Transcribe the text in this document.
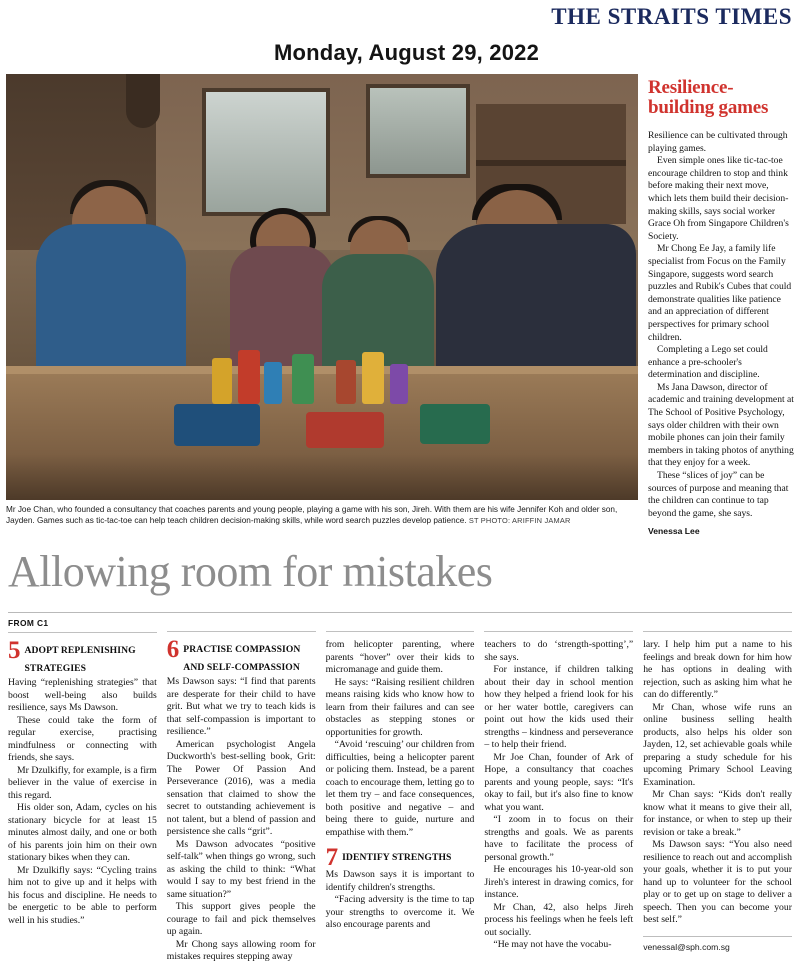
THE STRAITS TIMES
Monday, August 29, 2022
Mr Joe Chan, who founded a consultancy that coaches parents and young people, playing a game with his son, Jireh. With them are his wife Jennifer Koh and older son, Jayden. Games such as tic-tac-toe can help teach children decision-making skills, while word search puzzles develop patience. ST PHOTO: ARIFFIN JAMAR
Resilience-building games

Resilience can be cultivated through playing games.

Even simple ones like tic-tac-toe encourage children to stop and think before making their next move, which lets them build their decision-making skills, says social worker Grace Oh from Singapore Children's Society.

Mr Chong Ee Jay, a family life specialist from Focus on the Family Singapore, suggests word search puzzles and Rubik's Cubes that could demonstrate qualities like patience and an appreciation of different perspectives for primary school children.

Completing a Lego set could enhance a pre-schooler's determination and discipline.

Ms Jana Dawson, director of academic and training development at The School of Positive Psychology, says older children with their own mobile phones can join their family members in taking photos of anything that they enjoy for a week.

These “slices of joy” can be sources of purpose and meaning that the children can continue to tap beyond the game, she says.

Venessa Lee
Allowing room for mistakes
FROM C1
5 ADOPT REPLENISHING STRATEGIES

Having “replenishing strategies” that boost well-being also builds resilience, says Ms Dawson.

These could take the form of regular exercise, practising mindfulness or connecting with friends, she says.

Mr Dzulkifly, for example, is a firm believer in the value of exercise in this regard.

His older son, Adam, cycles on his stationary bicycle for at least 15 minutes almost daily, and one or both of his parents join him on their own stationary bikes when they can.

Mr Dzulkifly says: “Cycling trains him not to give up and it helps with his focus and discipline. He needs to be energetic to be able to perform well in his studies.”

6 PRACTISE COMPASSION AND SELF-COMPASSION

Ms Dawson says: “I find that parents are desperate for their child to have grit. But what we try to teach kids is that self-compassion is important to resilience.”

American psychologist Angela Duckworth's best-selling book, Grit: The Power Of Passion And Perseverance (2016), was a media sensation that claimed to show the secret to outstanding achievement is not talent, but a blend of passion and persistence she calls “grit”.

Ms Dawson advocates “positive self-talk” when things go wrong, such as asking the child to think: “What would I say to my best friend in the same situation?”

This support gives people the courage to fail and pick themselves up again.

Mr Chong says allowing room for mistakes requires stepping away

from helicopter parenting, where parents “hover” over their kids to micromanage and guide them.

He says: “Raising resilient children means raising kids who know how to learn from their failures and can see obstacles as stepping stones or opportunities for growth.

“Avoid ‘rescuing’ our children from difficulties, being a helicopter parent or policing them. Instead, be a parent coach to encourage them, letting go to let them try – and face consequences, both positive and negative – and being there to guide, nurture and empathise with them.”

7 IDENTIFY STRENGTHS

Ms Dawson says it is important to identify children's strengths.

“Facing adversity is the time to tap your strengths to overcome it. We also encourage parents and

teachers to do ‘strength-spotting’,” she says.

For instance, if children talking about their day in school mention how they helped a friend look for his or her water bottle, caregivers can point out how the kids used their strengths – kindness and perseverance – to help their friend.

Mr Joe Chan, founder of Ark of Hope, a consultancy that coaches parents and young people, says: “It's okay to fail, but it's also fine to know what you want.

“I zoom in to focus on their strengths and goals. We as parents have to facilitate the process of personal growth.”

He encourages his 10-year-old son Jireh's interest in drawing comics, for instance.

Mr Chan, 42, also helps Jireh process his feelings when he feels left out socially.

“He may not have the vocabu-

lary. I help him put a name to his feelings and break down for him how he has options in dealing with rejection, such as asking him what he can do differently.”

Mr Chan, whose wife runs an online business selling health products, also helps his older son Jayden, 12, set achievable goals while preparing a study schedule for his upcoming Primary School Leaving Examination.

Mr Chan says: “Kids don't really know what it means to give their all, for instance, or when to step up their revision or take a break.”

Ms Dawson says: “You also need resilience to reach out and accomplish your goals, whether it is to put your hand up to volunteer for the school play or to get up on stage to deliver a speech. Then you can become your best self.”

venessal@sph.com.sg
